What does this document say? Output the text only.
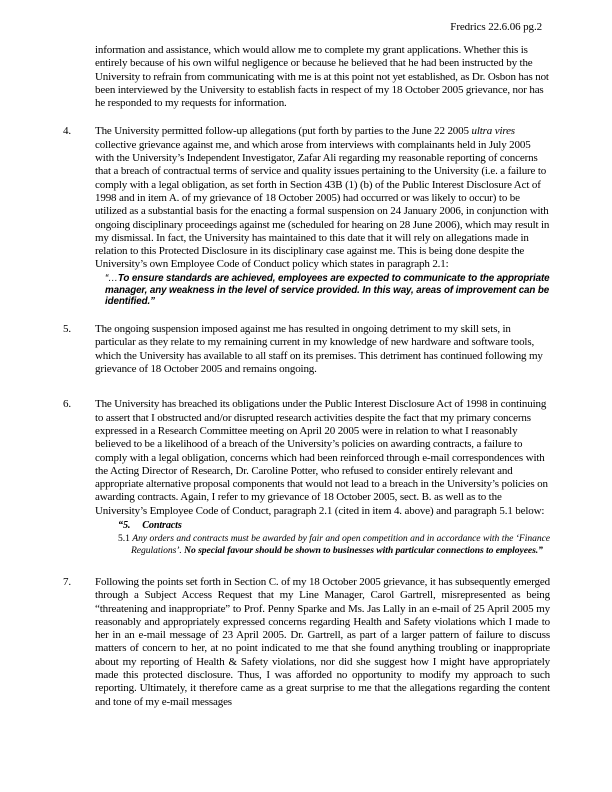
Fredrics 22.6.06 pg.2
information and assistance, which would allow me to complete my grant applications. Whether this is entirely because of his own wilful negligence or because he believed that he had been instructed by the University to refrain from communicating with me is at this point not yet established, as Dr. Osbon has not been interviewed by the University to establish facts in respect of my 18 October 2005 grievance, nor has he responded to my requests for information.
4.	The University permitted follow-up allegations (put forth by parties to the June 22 2005 ultra vires collective grievance against me, and which arose from interviews with complainants held in July 2005 with the University’s Independent Investigator, Zafar Ali regarding my reasonable reporting of concerns that a breach of contractual terms of service and quality issues pertaining to the University (i.e. a failure to comply with a legal obligation, as set forth in Section 43B (1) (b) of the Public Interest Disclosure Act of 1998 and in item A. of my grievance of 18 October 2005) had occurred or was likely to occur) to be utilized as a substantial basis for the enacting a formal suspension on 24 January 2006, in conjunction with ongoing disciplinary proceedings against me (scheduled for hearing on 28 June 2006), which may result in my dismissal. In fact, the University has maintained to this date that it will rely on allegations made in relation to this Protected Disclosure in its disciplinary case against me. This is being done despite the University’s own Employee Code of Conduct policy which states in paragraph 2.1:
“…To ensure standards are achieved, employees are expected to communicate to the appropriate manager, any weakness in the level of service provided. In this way, areas of improvement can be identified.”
5.	The ongoing suspension imposed against me has resulted in ongoing detriment to my skill sets, in particular as they relate to my remaining current in my knowledge of new hardware and software tools, which the University has available to all staff on its premises. This detriment has continued following my grievance of 18 October 2005 and remains ongoing.
6.	The University has breached its obligations under the Public Interest Disclosure Act of 1998 in continuing to assert that I obstructed and/or disrupted research activities despite the fact that my primary concerns expressed in a Research Committee meeting on April 20 2005 were in relation to what I reasonably believed to be a likelihood of a breach of the University’s policies on awarding contracts, a failure to comply with a legal obligation, concerns which had been reinforced through e-mail correspondences with the Acting Director of Research, Dr. Caroline Potter, who refused to consider entirely relevant and appropriate alternative proposal components that would not lead to a breach in the University’s policies on awarding contracts. Again, I refer to my grievance of 18 October 2005, sect. B. as well as to the University’s Employee Code of Conduct, paragraph 2.1 (cited in item 4. above) and paragraph 5.1 below:
“5.     Contracts
5.1 Any orders and contracts must be awarded by fair and open competition and in accordance with the ‘Finance Regulations’. No special favour should be shown to businesses with particular connections to employees.”
7.	Following the points set forth in Section C. of my 18 October 2005 grievance, it has subsequently emerged through a Subject Access Request that my Line Manager, Carol Gartrell, misrepresented as being “threatening and inappropriate” to Prof. Penny Sparke and Ms. Jas Lally in an e-mail of 25 April 2005 my reasonably and appropriately expressed concerns regarding Health and Safety violations which I made to her in an e-mail message of 23 April 2005. Dr. Gartrell, as part of a larger pattern of failure to discuss matters of concern to her, at no point indicated to me that she found anything troubling or inappropriate about my reporting of Health & Safety violations, nor did she suggest how I might have appropriately made this protected disclosure. Thus, I was afforded no opportunity to modify my approach to such reporting. Ultimately, it therefore came as a great surprise to me that the allegations regarding the content and tone of my e-mail messages
